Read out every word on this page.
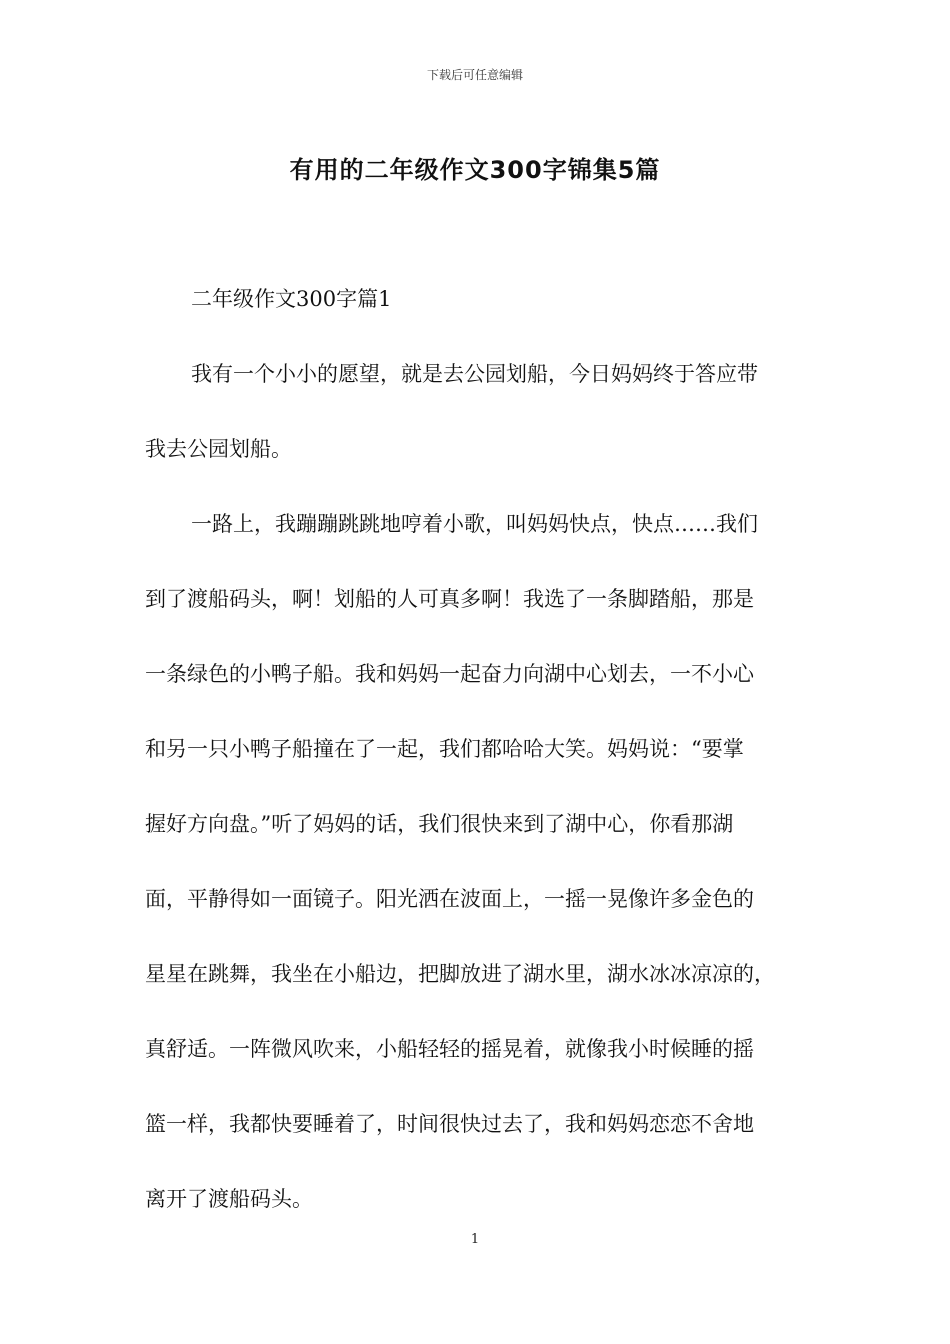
下载后可任意编辑
有用的二年级作文300字锦集5篇
二年级作文300字篇1
我有一个小小的愿望，就是去公园划船，今日妈妈终于答应带
我去公园划船。
一路上，我蹦蹦跳跳地哼着小歌，叫妈妈快点，快点……我们
到了渡船码头，啊！划船的人可真多啊！我选了一条脚踏船，那是
一条绿色的小鸭子船。我和妈妈一起奋力向湖中心划去，一不小心
和另一只小鸭子船撞在了一起，我们都哈哈大笑。妈妈说：“要掌
握好方向盘。”听了妈妈的话，我们很快来到了湖中心，你看那湖
面，平静得如一面镜子。阳光洒在波面上，一摇一晃像许多金色的
星星在跳舞，我坐在小船边，把脚放进了湖水里，湖水冰冰凉凉的，
真舒适。一阵微风吹来，小船轻轻的摇晃着，就像我小时候睡的摇
篮一样，我都快要睡着了，时间很快过去了，我和妈妈恋恋不舍地
离开了渡船码头。
1
